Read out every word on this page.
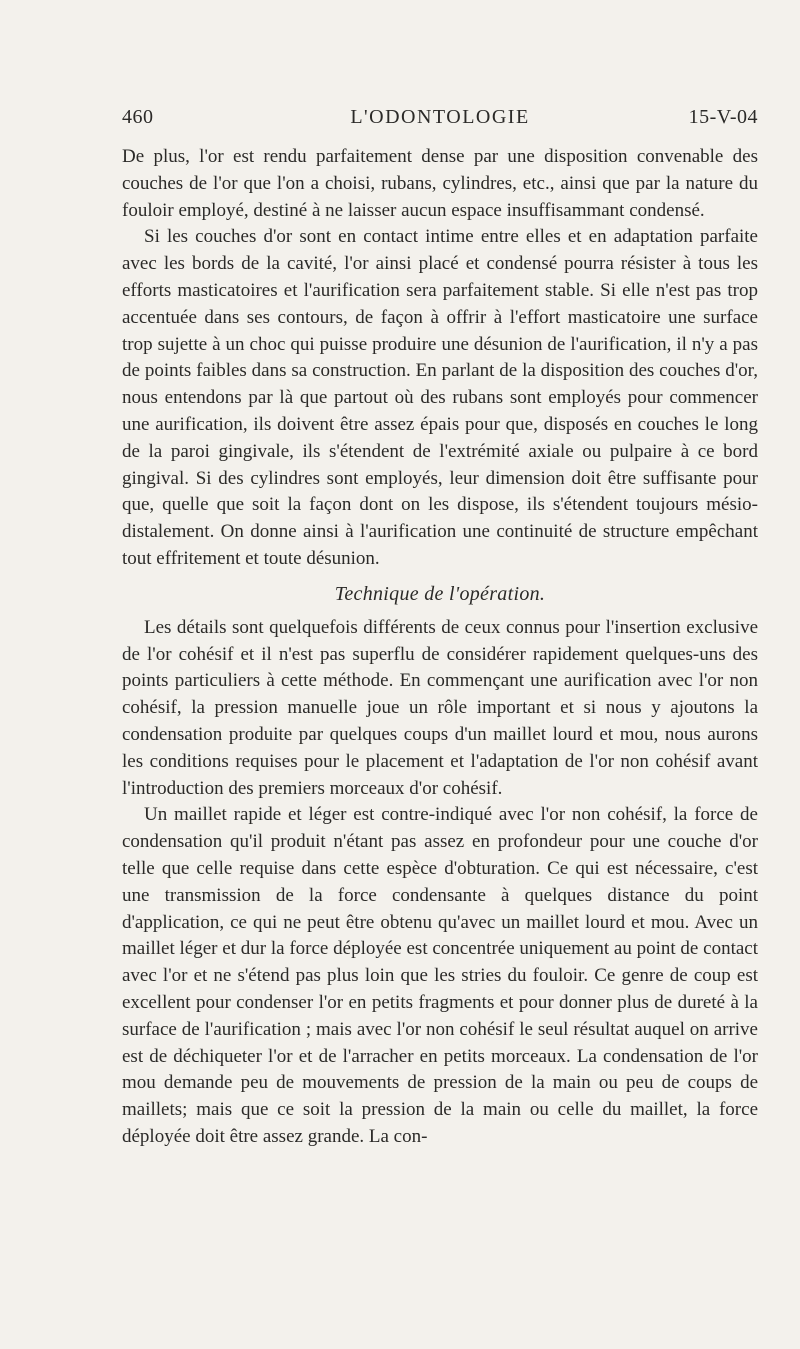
460	L'ODONTOLOGIE	15-V-04

De plus, l'or est rendu parfaitement dense par une disposition convenable des couches de l'or que l'on a choisi, rubans, cylindres, etc., ainsi que par la nature du fouloir employé, destiné à ne laisser aucun espace insuffisammant condensé.

Si les couches d'or sont en contact intime entre elles et en adaptation parfaite avec les bords de la cavité, l'or ainsi placé et condensé pourra résister à tous les efforts masticatoires et l'aurification sera parfaitement stable. Si elle n'est pas trop accentuée dans ses contours, de façon à offrir à l'effort masticatoire une surface trop sujette à un choc qui puisse produire une désunion de l'aurification, il n'y a pas de points faibles dans sa construction. En parlant de la disposition des couches d'or, nous entendons par là que partout où des rubans sont employés pour commencer une aurification, ils doivent être assez épais pour que, disposés en couches le long de la paroi gingivale, ils s'étendent de l'extrémité axiale ou pulpaire à ce bord gingival. Si des cylindres sont employés, leur dimension doit être suffisante pour que, quelle que soit la façon dont on les dispose, ils s'étendent toujours mésio-distalement. On donne ainsi à l'aurification une continuité de structure empêchant tout effritement et toute désunion.

Technique de l'opération.

Les détails sont quelquefois différents de ceux connus pour l'insertion exclusive de l'or cohésif et il n'est pas superflu de considérer rapidement quelques-uns des points particuliers à cette méthode. En commençant une aurification avec l'or non cohésif, la pression manuelle joue un rôle important et si nous y ajoutons la condensation produite par quelques coups d'un maillet lourd et mou, nous aurons les conditions requises pour le placement et l'adaptation de l'or non cohésif avant l'introduction des premiers morceaux d'or cohésif.

Un maillet rapide et léger est contre-indiqué avec l'or non cohésif, la force de condensation qu'il produit n'étant pas assez en profondeur pour une couche d'or telle que celle requise dans cette espèce d'obturation. Ce qui est nécessaire, c'est une transmission de la force condensante à quelques distance du point d'application, ce qui ne peut être obtenu qu'avec un maillet lourd et mou. Avec un maillet léger et dur la force déployée est concentrée uniquement au point de contact avec l'or et ne s'étend pas plus loin que les stries du fouloir. Ce genre de coup est excellent pour condenser l'or en petits fragments et pour donner plus de dureté à la surface de l'aurification ; mais avec l'or non cohésif le seul résultat auquel on arrive est de déchiqueter l'or et de l'arracher en petits morceaux. La condensation de l'or mou demande peu de mouvements de pression de la main ou peu de coups de maillets; mais que ce soit la pression de la main ou celle du maillet, la force déployée doit être assez grande. La con-
